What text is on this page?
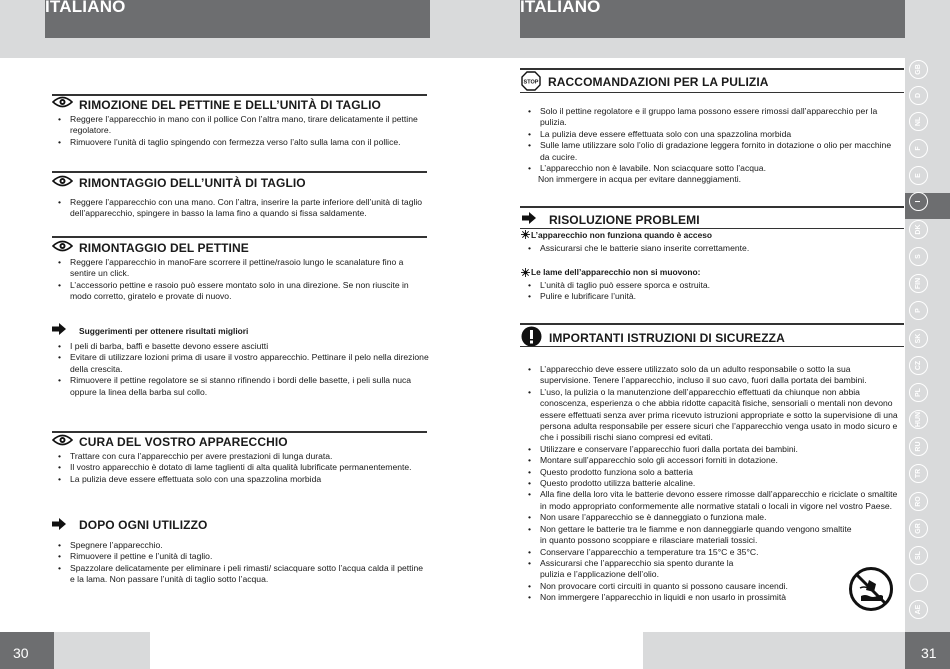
ITALIANO	ITALIANO
RIMOZIONE DEL PETTINE E DELL’UNITÀ DI TAGLIO
• Reggere l’apparecchio in mano con il pollice Con l’altra mano, tirare delicatamente il pettine regolatore.
• Rimuovere l’unità di taglio spingendo con fermezza verso l’alto sulla lama con il pollice.
RIMONTAGGIO DELL’UNITÀ DI TAGLIO
• Reggere l’apparecchio con una mano. Con l’altra, inserire la parte inferiore dell’unità di taglio dell’apparecchio, spingere in basso la lama fino a quando si fissa saldamente.
RIMONTAGGIO DEL PETTINE
• Reggere l’apparecchio in manoFare scorrere il pettine/rasoio lungo le scanalature fino a sentire un click.
• L’accessorio pettine e rasoio può essere montato solo in una direzione. Se non riuscite in modo corretto, giratelo e provate di nuovo.
Suggerimenti per ottenere risultati migliori
• I peli di barba, baffi e basette devono essere asciutti
• Evitare di utilizzare lozioni prima di usare il vostro apparecchio. Pettinare il pelo nella direzione della crescita.
• Rimuovere il pettine regolatore se si stanno rifinendo i bordi delle basette, i peli sulla nuca oppure la linea della barba sul collo.
CURA DEL VOSTRO APPARECCHIO
• Trattare con cura l’apparecchio per avere prestazioni di lunga durata.
• Il vostro apparecchio è dotato di lame taglienti di alta qualità lubrificate permanentemente.
• La pulizia deve essere effettuata solo con una spazzolina morbida
DOPO OGNI UTILIZZO
• Spegnere l’apparecchio.
• Rimuovere il pettine e l’unità di taglio.
• Spazzolare delicatamente per eliminare i peli rimasti/ sciacquare sotto l’acqua calda il pettine e la lama. Non passare l’unità di taglio sotto l’acqua.
STOP RACCOMANDAZIONI PER LA PULIZIA
• Solo il pettine regolatore e il gruppo lama possono essere rimossi dall’apparecchio per la pulizia.
• La pulizia deve essere effettuata solo con una spazzolina morbida
• Sulle lame utilizzare solo l’olio di gradazione leggera fornito in dotazione o olio per macchine da cucire.
• L’apparecchio non è lavabile. Non sciacquare sotto l’acqua.
Non immergere in acqua per evitare danneggiamenti.
RISOLUZIONE PROBLEMI
L’apparecchio non funziona quando è acceso
• Assicurarsi che le batterie siano inserite correttamente.
Le lame dell’apparecchio non si muovono:
• L’unità di taglio può essere sporca e ostruita.
• Pulire e lubrificare l’unità.
IMPORTANTI ISTRUZIONI DI SICUREZZA
• L’apparecchio deve essere utilizzato solo da un adulto responsabile o sotto la sua supervisione. Tenere l’apparecchio, incluso il suo cavo, fuori dalla portata dei bambini.
• L’uso, la pulizia o la manutenzione dell’apparecchio effettuati da chiunque non abbia conoscenza, esperienza o che abbia ridotte capacità fisiche, sensoriali o mentali non devono essere effettuati senza aver prima ricevuto istruzioni appropriate e sotto la supervisione di una persona adulta responsabile per essere sicuri che l’apparecchio venga usato in modo sicuro e che i possibili rischi siano compresi ed evitati.
• Utilizzare e conservare l’apparecchio fuori dalla portata dei bambini.
• Montare sull’apparecchio solo gli accessori forniti in dotazione.
• Questo prodotto funziona solo a batteria
• Questo prodotto utilizza batterie alcaline.
• Alla fine della loro vita le batterie devono essere rimosse dall’apparecchio e riciclate o smaltite in modo appropriato conformemente alle normative statali o locali in vigore nel vostro Paese.
• Non usare l’apparecchio se è danneggiato o funziona male.
• Non gettare le batterie tra le fiamme e non danneggiarle quando vengono smaltite in quanto possono scoppiare e rilasciare materiali tossici.
• Conservare l’apparecchio a temperature tra 15°C e 35°C.
• Assicurarsi che l’apparecchio sia spento durante la pulizia e l’applicazione dell’olio.
• Non provocare corti circuiti in quanto si possono causare incendi.
• Non immergere l’apparecchio in liquidi e non usarlo in prossimità
GB
D
NL
F
E
I
DK
S
FIN
P
SK
CZ
PL
HUN
RU
TR
RO
GR
SL
AE
30	31
